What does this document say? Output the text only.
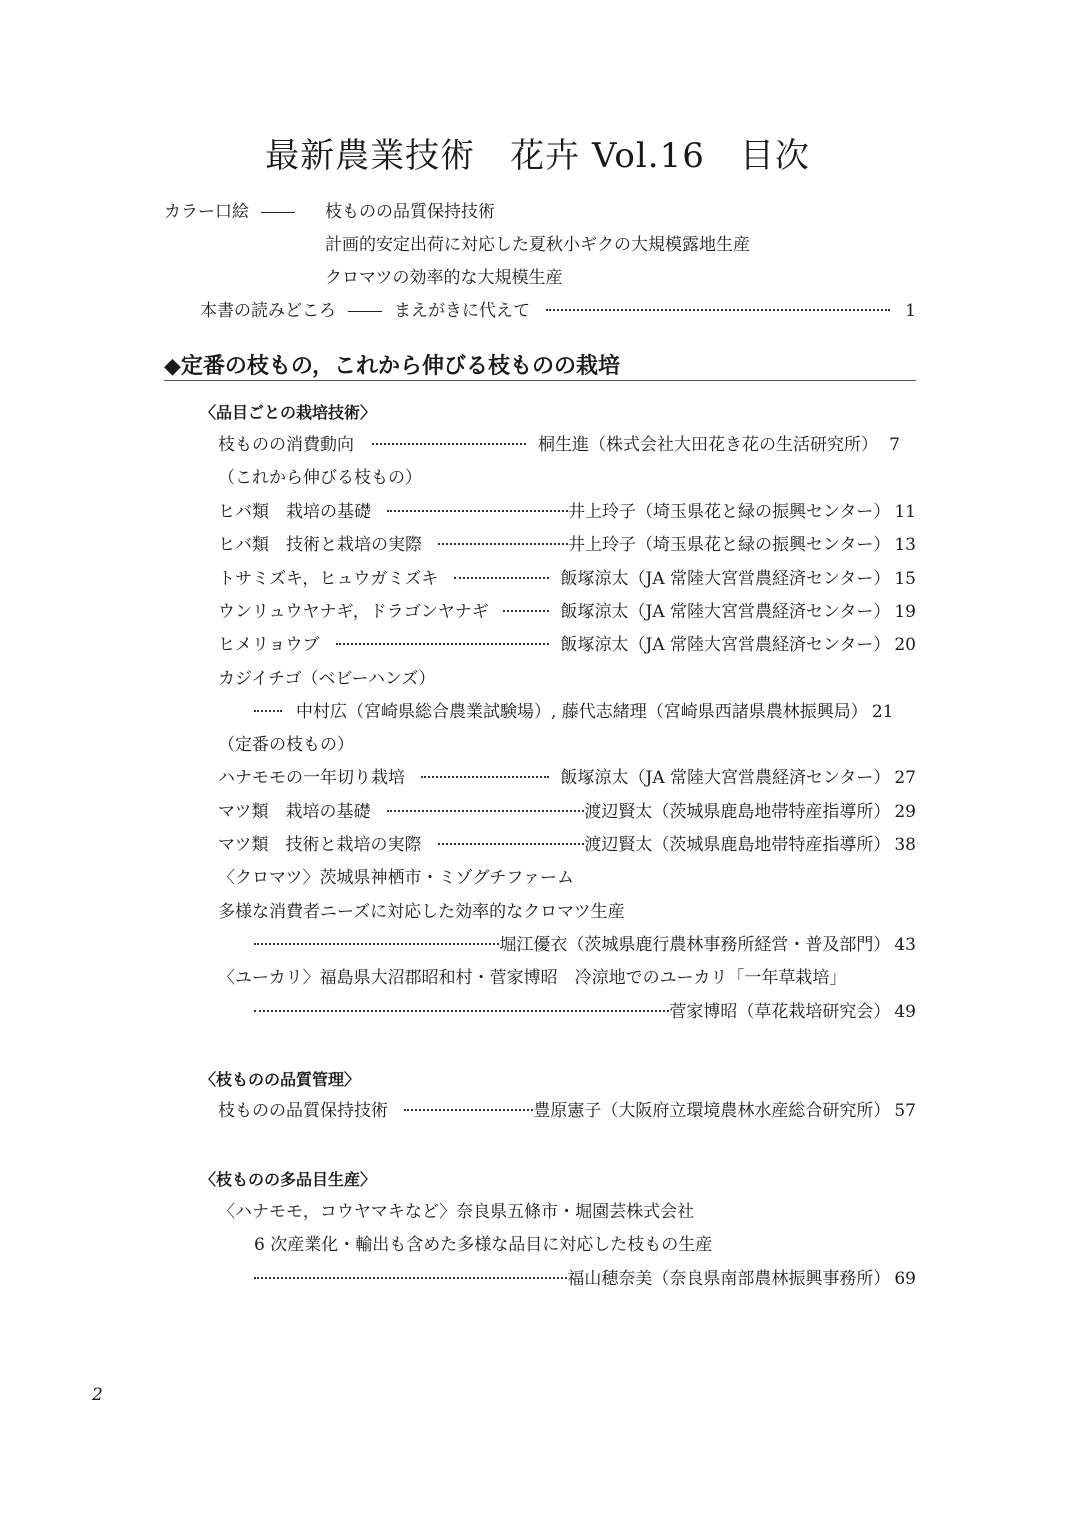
最新農業技術　花卉 Vol.16　目次
カラー口絵	枝ものの品質保持技術
計画的安定出荷に対応した夏秋小ギクの大規模露地生産
クロマツの効率的な大規模生産
本書の読みどころ	まえがきに代えて	1
◆定番の枝もの，これから伸びる枝ものの栽培
〈品目ごとの栽培技術〉
枝ものの消費動向	桐生進（株式会社大田花き花の生活研究所） 7
（これから伸びる枝もの）
ヒバ類　栽培の基礎	井上玲子（埼玉県花と緑の振興センター） 11
ヒバ類　技術と栽培の実際	井上玲子（埼玉県花と緑の振興センター） 13
トサミズキ，ヒュウガミズキ	飯塚涼太（JA 常陸大宮営農経済センター） 15
ウンリュウヤナギ，ドラゴンヤナギ	飯塚涼太（JA 常陸大宮営農経済センター） 19
ヒメリョウブ	飯塚涼太（JA 常陸大宮営農経済センター） 20
カジイチゴ（ベビーハンズ）
中村広（宮崎県総合農業試験場）, 藤代志緒理（宮崎県西諸県農林振興局） 21
（定番の枝もの）
ハナモモの一年切り栽培	飯塚涼太（JA 常陸大宮営農経済センター） 27
マツ類　栽培の基礎	渡辺賢太（茨城県鹿島地帯特産指導所） 29
マツ類　技術と栽培の実際	渡辺賢太（茨城県鹿島地帯特産指導所） 38
〈クロマツ〉茨城県神栖市・ミゾグチファーム
多様な消費者ニーズに対応した効率的なクロマツ生産
堀江優衣（茨城県鹿行農林事務所経営・普及部門） 43
〈ユーカリ〉福島県大沼郡昭和村・菅家博昭　冷涼地でのユーカリ「一年草栽培」
菅家博昭（草花栽培研究会） 49
〈枝ものの品質管理〉
枝ものの品質保持技術	豊原憲子（大阪府立環境農林水産総合研究所） 57
〈枝ものの多品目生産〉
〈ハナモモ，コウヤマキなど〉奈良県五條市・堀園芸株式会社
6 次産業化・輸出も含めた多様な品目に対応した枝もの生産
福山穂奈美（奈良県南部農林振興事務所） 69
2
